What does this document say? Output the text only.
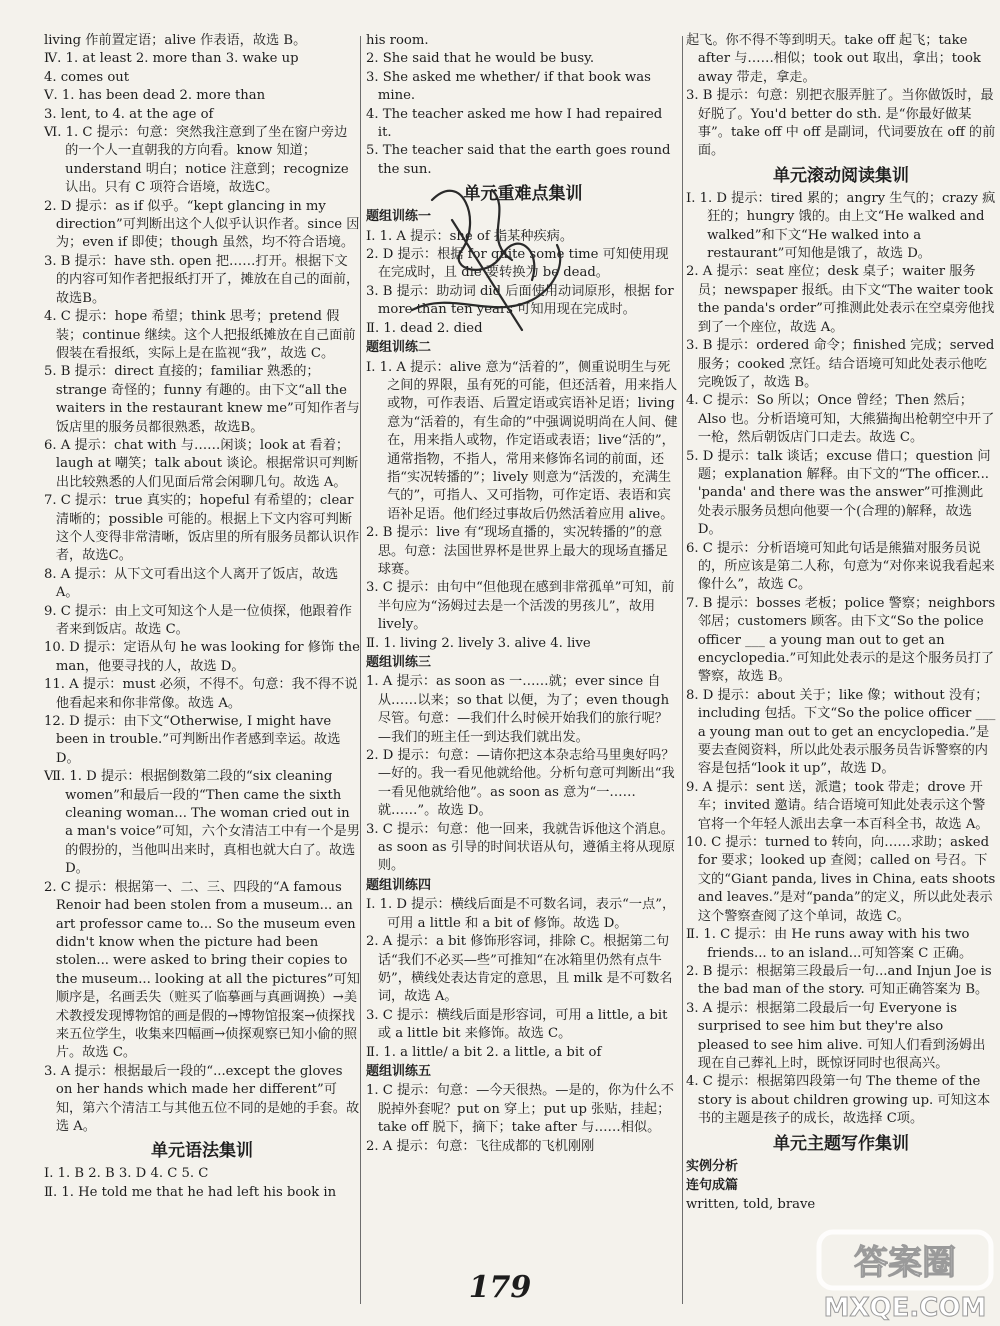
living 作前置定语；alive 作表语，故选 B。
Ⅳ. 1. at least 2. more than 3. wake up
4. comes out
Ⅴ. 1. has been dead 2. more than
3. lent, to 4. at the age of
Ⅵ. 1. C 提示：句意：突然我注意到了坐在窗户旁边的一个人一直朝我的方向看。know 知道；understand 明白；notice 注意到；recognize 认出。只有 C 项符合语境，故选C。
2. D 提示：as if 似乎。“kept glancing in my direction”可判断出这个人似乎认识作者。since 因为；even if 即使；though 虽然，均不符合语境。
3. B 提示：have sth. open 把……打开。根据下文的内容可知作者把报纸打开了，摊放在自己的面前，故选B。
4. C 提示：hope 希望；think 思考；pretend 假装；continue 继续。这个人把报纸摊放在自己面前假装在看报纸，实际上是在监视“我”，故选 C。
5. B 提示：direct 直接的；familiar 熟悉的；strange 奇怪的；funny 有趣的。由下文“all the waiters in the restaurant knew me”可知作者与饭店里的服务员都很熟悉，故选B。
6. A 提示：chat with 与……闲谈；look at 看着；laugh at 嘲笑；talk about 谈论。根据常识可判断出比较熟悉的人们见面后常会闲聊几句。故选 A。
7. C 提示：true 真实的；hopeful 有希望的；clear 清晰的；possible 可能的。根据上下文内容可判断这个人变得非常清晰，饭店里的所有服务员都认识作者，故选C。
8. A 提示：从下文可看出这个人离开了饭店，故选 A。
9. C 提示：由上文可知这个人是一位侦探，他跟着作者来到饭店。故选 C。
10. D 提示：定语从句 he was looking for 修饰 the man，他要寻找的人，故选 D。
11. A 提示：must 必须，不得不。句意：我不得不说他看起来和你非常像。故选 A。
12. D 提示：由下文“Otherwise, I might have been in trouble.”可判断出作者感到幸运。故选 D。
Ⅶ. 1. D 提示：根据倒数第二段的“six cleaning women”和最后一段的“Then came the sixth cleaning woman... The woman cried out in a man's voice”可知，六个女清洁工中有一个是男的假扮的，当他叫出来时，真相也就大白了。故选 D。
2. C 提示：根据第一、二、三、四段的“A famous Renoir had been stolen from a museum... an art professor came to... So the museum even didn't know when the picture had been stolen... were asked to bring their copies to the museum... looking at all the pictures”可知顺序是，名画丢失（赃买了临摹画与真画调换）→美术教授发现博物馆的画是假的→博物馆报案→侦探找来五位学生，收集来四幅画→侦探观察已知小偷的照片。故选 C。
3. A 提示：根据最后一段的“...except the gloves on her hands which made her different”可知，第六个清洁工与其他五位不同的是她的手套。故选 A。
单元语法集训
Ⅰ. 1. B 2. B 3. D 4. C 5. C
Ⅱ. 1. He told me that he had left his book in
his room.
2. She said that he would be busy.
3. She asked me whether/ if that book was mine.
4. The teacher asked me how I had repaired it.
5. The teacher said that the earth goes round the sun.
单元重难点集训
题组训练一
Ⅰ. 1. A 提示：she of 指某种疾病。
2. D 提示：根据 for quite some time 可知使用现在完成时，且 die 要转换为 be dead。
3. B 提示：助动词 did 后面使用动词原形，根据 for more than ten years 可知用现在完成时。
Ⅱ. 1. dead 2. died
题组训练二
Ⅰ. 1. A 提示：alive 意为“活着的”，侧重说明生与死之间的界限，虽有死的可能，但还活着，用来指人或物，可作表语、后置定语或宾语补足语；living 意为“活着的，有生命的”中强调说明尚在人间、健在，用来指人或物，作定语或表语；live“活的”，通常指物，不指人，常用来修饰名词的前面，还指“实况转播的”；lively 则意为“活泼的，充满生气的”，可指人、又可指物，可作定语、表语和宾语补足语。他们经过事故后仍然活着应用 alive。
2. B 提示：live 有“现场直播的，实况转播的”的意思。句意：法国世界杯是世界上最大的现场直播足球赛。
3. C 提示：由句中“但他现在感到非常孤单”可知，前半句应为“汤姆过去是一个活泼的男孩儿”，故用 lively。
Ⅱ. 1. living 2. lively 3. alive 4. live
题组训练三
1. A 提示：as soon as 一……就；ever since 自从……以来；so that 以便，为了；even though 尽管。句意：—我们什么时候开始我们的旅行呢？—我们的班主任一到达我们就出发。
2. D 提示：句意：—请你把这本杂志给马里奥好吗？—好的。我一看见他就给他。分析句意可判断出“我一看见他就给他”。as soon as 意为“一……就……”。故选 D。
3. C 提示：句意：他一回来，我就告诉他这个消息。as soon as 引导的时间状语从句，遵循主将从现原则。
题组训练四
Ⅰ. 1. D 提示：横线后面是不可数名词，表示“一点”，可用 a little 和 a bit of 修饰。故选 D。
2. A 提示：a bit 修饰形容词，排除 C。根据第二句话“我们不必买—些”可推知“在冰箱里仍然有点牛奶”，横线处表达肯定的意思，且 milk 是不可数名词，故选 A。
3. C 提示：横线后面是形容词，可用 a little, a bit 或 a little bit 来修饰。故选 C。
Ⅱ. 1. a little/ a bit 2. a little, a bit of
题组训练五
1. C 提示：句意：—今天很热。—是的，你为什么不脱掉外套呢？put on 穿上；put up 张贴，挂起；take off 脱下，摘下；take after 与……相似。
2. A 提示：句意：飞往成都的飞机刚刚
起飞。你不得不等到明天。take off 起飞；take after 与……相似；took out 取出，拿出；took away 带走，拿走。
3. B 提示：句意：别把衣服弄脏了。当你做饭时，最好脱了。You'd better do sth. 是“你最好做某事”。take off 中 off 是副词，代词要放在 off 的前面。
单元滚动阅读集训
Ⅰ. 1. D 提示：tired 累的；angry 生气的；crazy 疯狂的；hungry 饿的。由上文“He walked and walked”和下文“He walked into a restaurant”可知他是饿了，故选 D。
2. A 提示：seat 座位；desk 桌子；waiter 服务员；newspaper 报纸。由下文“The waiter took the panda's order”可推测此处表示在空桌旁他找到了一个座位，故选 A。
3. B 提示：ordered 命令；finished 完成；served 服务；cooked 烹饪。结合语境可知此处表示他吃完晚饭了，故选 B。
4. C 提示：So 所以；Once 曾经；Then 然后；Also 也。分析语境可知，大熊猫掏出枪朝空中开了一枪，然后朝饭店门口走去。故选 C。
5. D 提示：talk 谈话；excuse 借口；question 问题；explanation 解释。由下文的“The officer... 'panda' and there was the answer”可推测此处表示服务员想向他要一个(合理的)解释，故选 D。
6. C 提示：分析语境可知此句话是熊猫对服务员说的，所应该是第二人称，句意为“对你来说我看起来像什么”，故选 C。
7. B 提示：bosses 老板；police 警察；neighbors 邻居；customers 顾客。由下文“So the police officer ___ a young man out to get an encyclopedia.”可知此处表示的是这个服务员打了警察，故选 B。
8. D 提示：about 关于；like 像；without 没有；including 包括。下文“So the police officer ___ a young man out to get an encyclopedia.”是要去查阅资料，所以此处表示服务员告诉警察的内容是包括“look it up”，故选 D。
9. A 提示：sent 送，派遣；took 带走；drove 开车；invited 邀请。结合语境可知此处表示这个警官将一个年轻人派出去拿一本百科全书，故选 A。
10. C 提示：turned to 转向，向……求助；asked for 要求；looked up 查阅；called on 号召。下文的“Giant panda, lives in China, eats shoots and leaves.”是对“panda”的定义，所以此处表示这个警察查阅了这个单词，故选 C。
Ⅱ. 1. C 提示：由 He runs away with his two friends... to an island...可知答案 C 正确。
2. B 提示：根据第三段最后一句...and Injun Joe is the bad man of the story. 可知正确答案为 B。
3. A 提示：根据第二段最后一句 Everyone is surprised to see him but they're also pleased to see him alive. 可知人们看到汤姆出现在自己葬礼上时，既惊讶同时也很高兴。
4. C 提示：根据第四段第一句 The theme of the story is about children growing up. 可知这本书的主题是孩子的成长，故选择 C项。
单元主题写作集训
实例分析
连句成篇
written, told, brave
179
答案圈
MXQE.COM
